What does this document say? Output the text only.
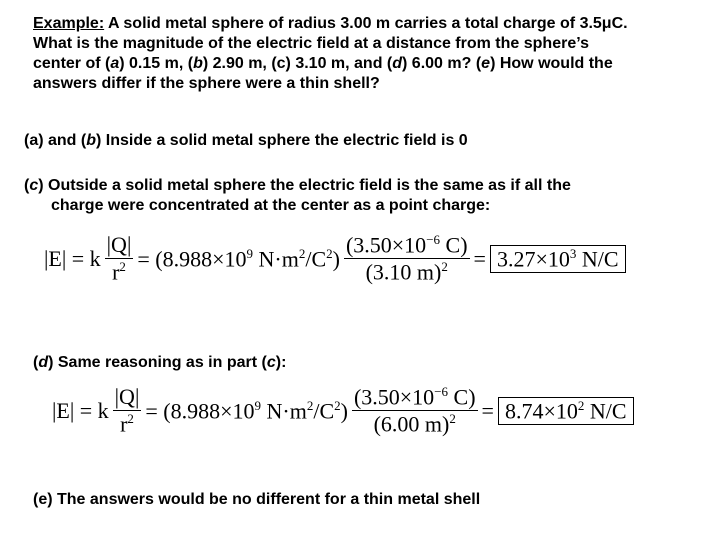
Example: A solid metal sphere of radius 3.00 m carries a total charge of 3.5μC.
What is the magnitude of the electric field at a distance from the sphere’s
center of (a) 0.15 m, (b) 2.90 m, (c) 3.10 m, and (d) 6.00 m? (e) How would the
answers differ if the sphere were a thin shell?
(a) and (b) Inside a solid metal sphere the electric field is 0
(c) Outside a solid metal sphere the electric field is the same as if all the
charge were concentrated at the center as a point charge:
|E| = k $\frac{|Q|}{r^2} = (8.988\times 10^9$ $N\cdot m^2/C^2) \frac{(3.50\times 10^{-6} C)}{(3.10 m)^2} = 3.27\times 10^3$ N/C
(d) Same reasoning as in part (c):
|E| = k $\frac{|Q|}{r^2} = (8.988\times 10^9$ $N\cdot m^2/C^2) \frac{(3.50\times 10^{-6} C)}{(6.00 m)^2} = 8.74\times 10^2$ N/C
(e) The answers would be no different for a thin metal shell
